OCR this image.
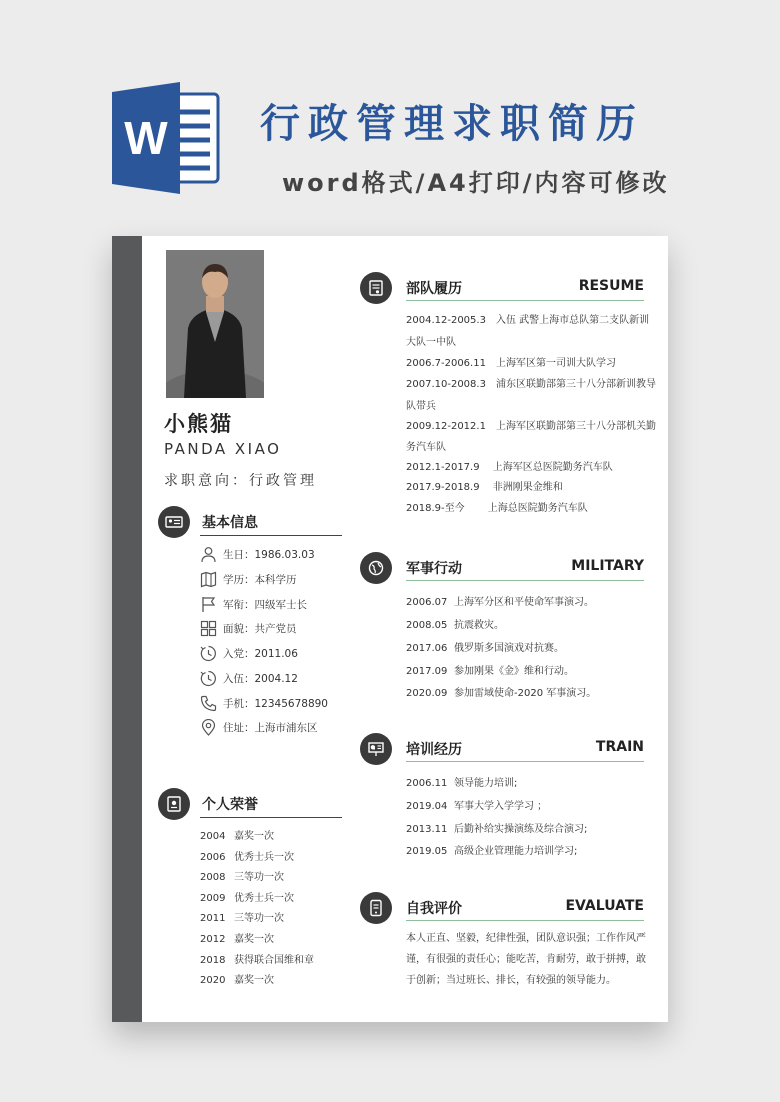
W 行政管理求职简历
word格式/A4打印/内容可修改
小熊猫
PANDA XIAO
求职意向：行政管理
基本信息
生日：1986.03.03
学历：本科学历
军衔：四级军士长
面貌：共产党员
入党：2011.06
入伍：2004.12
手机：12345678890
住址：上海市浦东区
个人荣誉
2004 嘉奖一次
2006 优秀士兵一次
2008 三等功一次
2009 优秀士兵一次
2011 三等功一次
2012 嘉奖一次
2018 获得联合国维和章
2020 嘉奖一次
部队履历	RESUME
2004.12-2005.3　入伍 武警上海市总队第二支队新训
大队一中队
2006.7-2006.11　上海军区第一司训大队学习
2007.10-2008.3　浦东区联勤部第三十八分部新训教导
队带兵
2009.12-2012.1　上海军区联勤部第三十八分部机关勤
务汽车队
2012.1-2017.9　 上海军区总医院勤务汽车队
2017.9-2018.9　 非洲刚果金维和
2018.9-至今　　 上海总医院勤务汽车队
军事行动	MILITARY
2006.07 上海军分区和平使命军事演习。
2008.05 抗震救灾。
2017.06 俄罗斯多国演戏对抗赛。
2017.09 参加刚果《金》维和行动。
2020.09 参加雷域使命-2020 军事演习。
培训经历	TRAIN
2006.11 领导能力培训;
2019.04 军事大学入学学习 ；
2013.11 后勤补给实操演练及综合演习;
2019.05 高级企业管理能力培训学习;
自我评价	EVALUATE
本人正直、坚毅，纪律性强，团队意识强；工作作风严谨，有很强的责任心；能吃苦，肯耐劳，敢于拼搏，敢于创新；当过班长、排长，有较强的领导能力。
